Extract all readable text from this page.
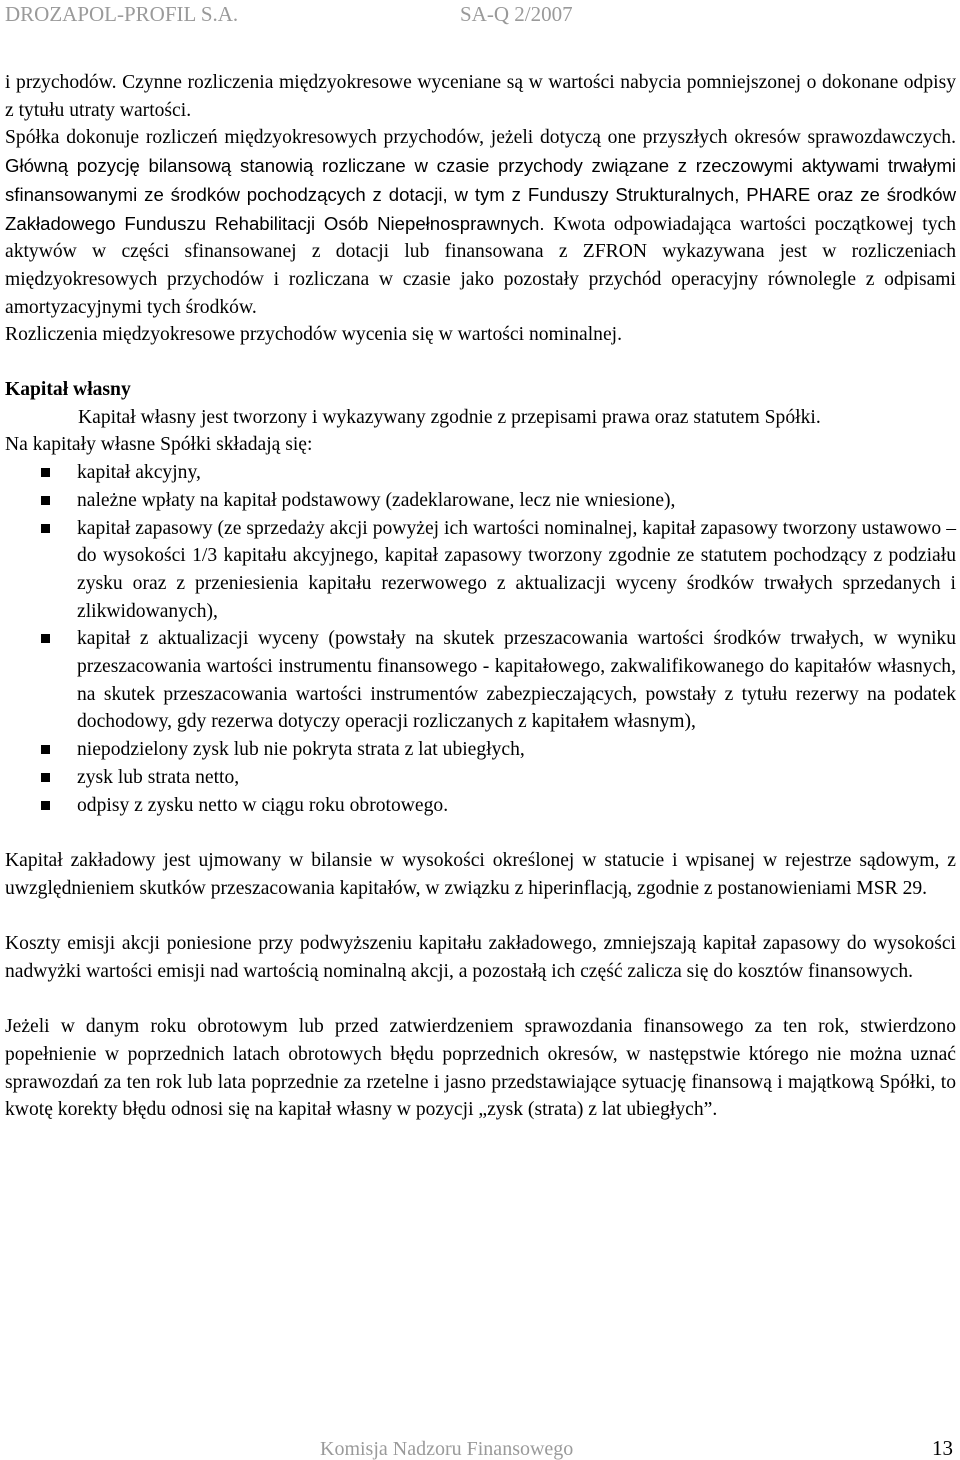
DROZAPOL-PROFIL S.A.	SA-Q 2/2007

i przychodów. Czynne rozliczenia międzyokresowe wyceniane są w wartości nabycia pomniejszonej o dokonane odpisy z tytułu utraty wartości.

Spółka dokonuje rozliczeń międzyokresowych przychodów, jeżeli dotyczą one przyszłych okresów sprawozdawczych. Główną pozycję bilansową stanowią rozliczane w czasie przychody związane z rzeczowymi aktywami trwałymi sfinansowanymi ze środków pochodzących z dotacji, w tym z Funduszy Strukturalnych, PHARE oraz ze środków Zakładowego Funduszu Rehabilitacji Osób Niepełnosprawnych. Kwota odpowiadająca wartości początkowej tych aktywów w części sfinansowanej z dotacji lub finansowana z ZFRON wykazywana jest w rozliczeniach międzyokresowych przychodów i rozliczana w czasie jako pozostały przychód operacyjny równolegle z odpisami amortyzacyjnymi tych środków.

Rozliczenia międzyokresowe przychodów wycenia się w wartości nominalnej.

Kapitał własny

Kapitał własny jest tworzony i wykazywany zgodnie z przepisami prawa oraz statutem Spółki.

Na kapitały własne Spółki składają się:

kapitał akcyjny,
należne wpłaty na kapitał podstawowy (zadeklarowane, lecz nie wniesione),
kapitał zapasowy (ze sprzedaży akcji powyżej ich wartości nominalnej, kapitał zapasowy tworzony ustawowo – do wysokości 1/3 kapitału akcyjnego, kapitał zapasowy tworzony zgodnie ze statutem pochodzący z podziału zysku oraz z przeniesienia kapitału rezerwowego z aktualizacji wyceny środków trwałych sprzedanych i zlikwidowanych),
kapitał z aktualizacji wyceny (powstały na skutek przeszacowania wartości środków trwałych, w wyniku przeszacowania wartości instrumentu finansowego - kapitałowego, zakwalifikowanego do kapitałów własnych, na skutek przeszacowania wartości instrumentów zabezpieczających, powstały z tytułu rezerwy na podatek dochodowy, gdy rezerwa dotyczy operacji rozliczanych z kapitałem własnym),
niepodzielony zysk lub nie pokryta strata z lat ubiegłych,
zysk lub strata netto,
odpisy z zysku netto w ciągu roku obrotowego.

Kapitał zakładowy jest ujmowany w bilansie w wysokości określonej w statucie i wpisanej w rejestrze sądowym, z uwzględnieniem skutków przeszacowania kapitałów, w związku z hiperinflacją, zgodnie z postanowieniami MSR 29.

Koszty emisji akcji poniesione przy podwyższeniu kapitału zakładowego, zmniejszają kapitał zapasowy do wysokości nadwyżki wartości emisji nad wartością nominalną akcji, a pozostałą ich część zalicza się do kosztów finansowych.

Jeżeli w danym roku obrotowym lub przed zatwierdzeniem sprawozdania finansowego za ten rok, stwierdzono popełnienie w poprzednich latach obrotowych błędu poprzednich okresów, w następstwie którego nie można uznać sprawozdań za ten rok lub lata poprzednie za rzetelne i jasno przedstawiające sytuację finansową i majątkową Spółki, to kwotę korekty błędu odnosi się na kapitał własny w pozycji „zysk (strata) z lat ubiegłych”.

Komisja Nadzoru Finansowego	13
